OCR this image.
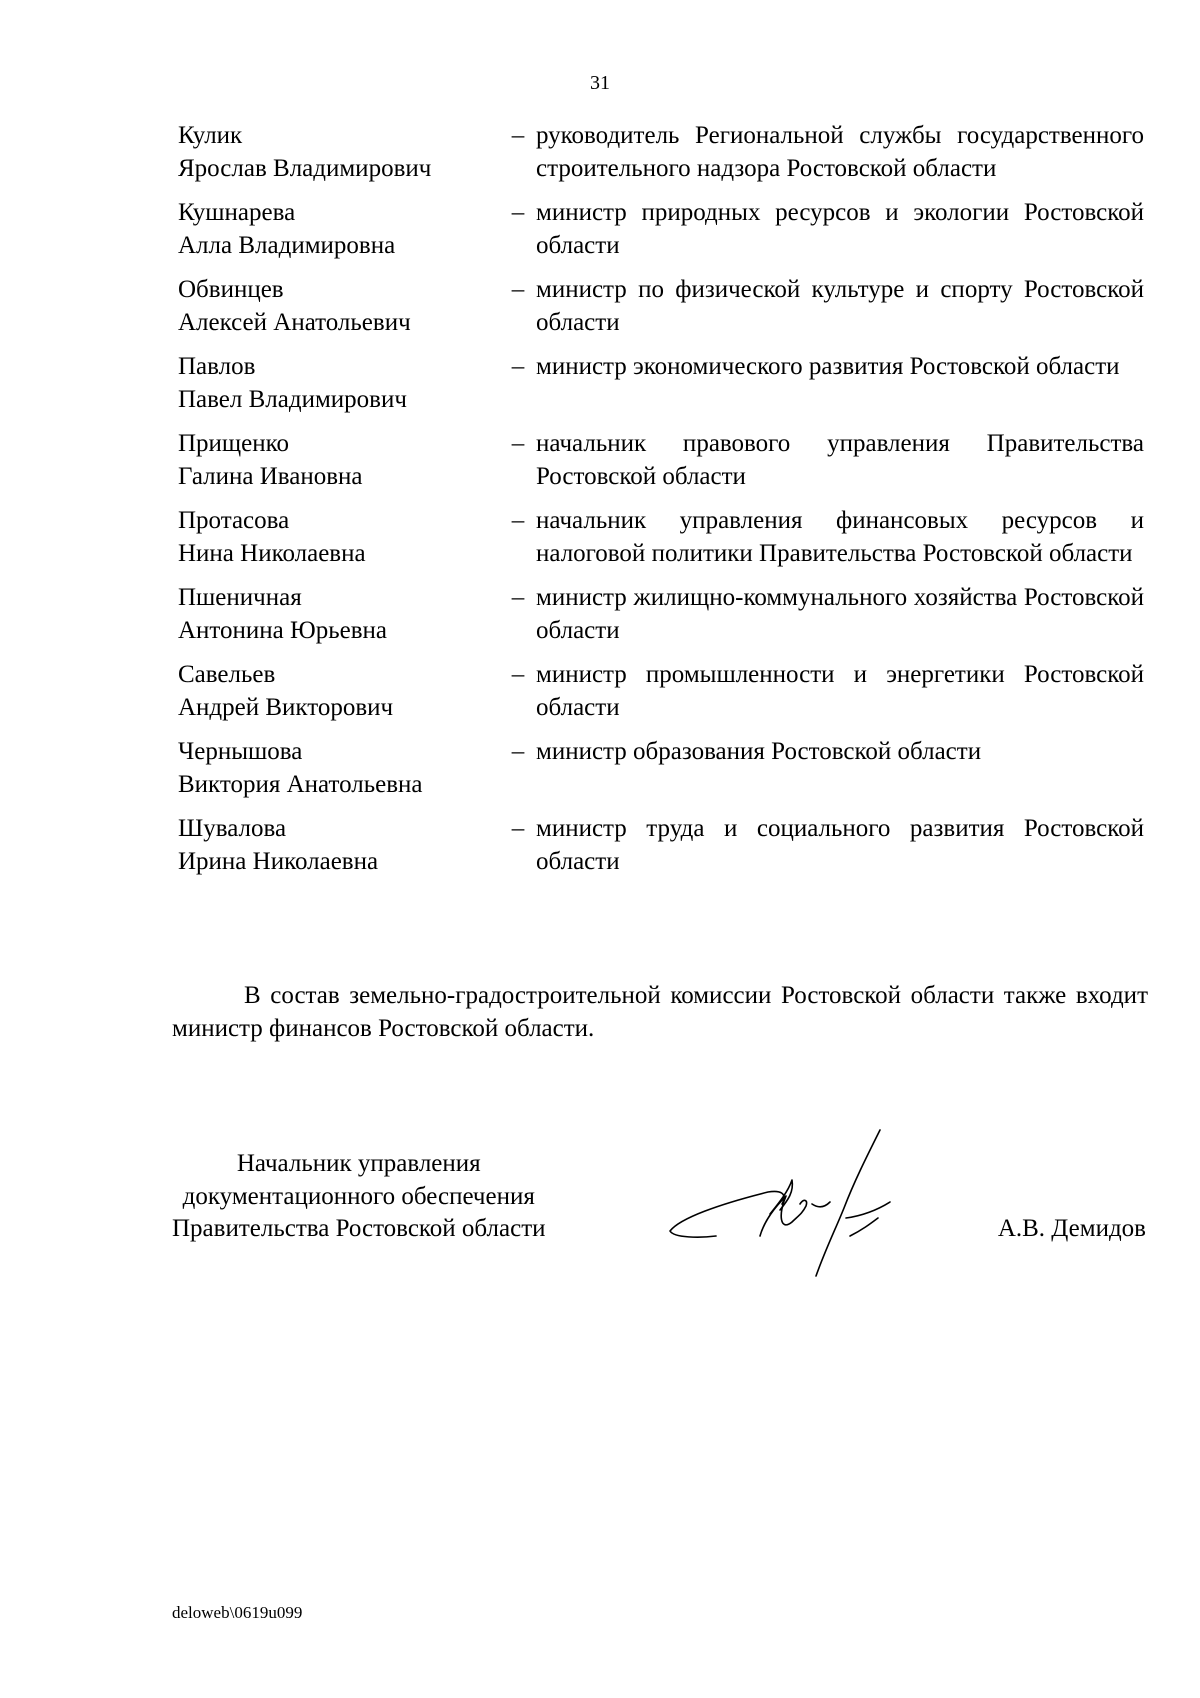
31
Кулик
Ярослав Владимирович
– руководитель Региональной службы государственного строительного надзора Ростовской области
Кушнарева
Алла Владимировна
– министр природных ресурсов и экологии Ростовской области
Обвинцев
Алексей Анатольевич
– министр по физической культуре и спорту Ростовской области
Павлов
Павел Владимирович
– министр экономического развития Ростовской области
Прищенко
Галина Ивановна
– начальник правового управления Правительства Ростовской области
Протасова
Нина Николаевна
– начальник управления финансовых ресурсов и налоговой политики Правительства Ростовской области
Пшеничная
Антонина Юрьевна
– министр жилищно-коммунального хозяйства Ростовской области
Савельев
Андрей Викторович
– министр промышленности и энергетики Ростовской области
Чернышова
Виктория Анатольевна
– министр образования Ростовской области
Шувалова
Ирина Николаевна
– министр труда и социального развития Ростовской области

В состав земельно-градостроительной комиссии Ростовской области также входит министр финансов Ростовской области.

Начальник управления
документационного обеспечения
Правительства Ростовской области	А.В. Демидов
deloweb\0619u099
